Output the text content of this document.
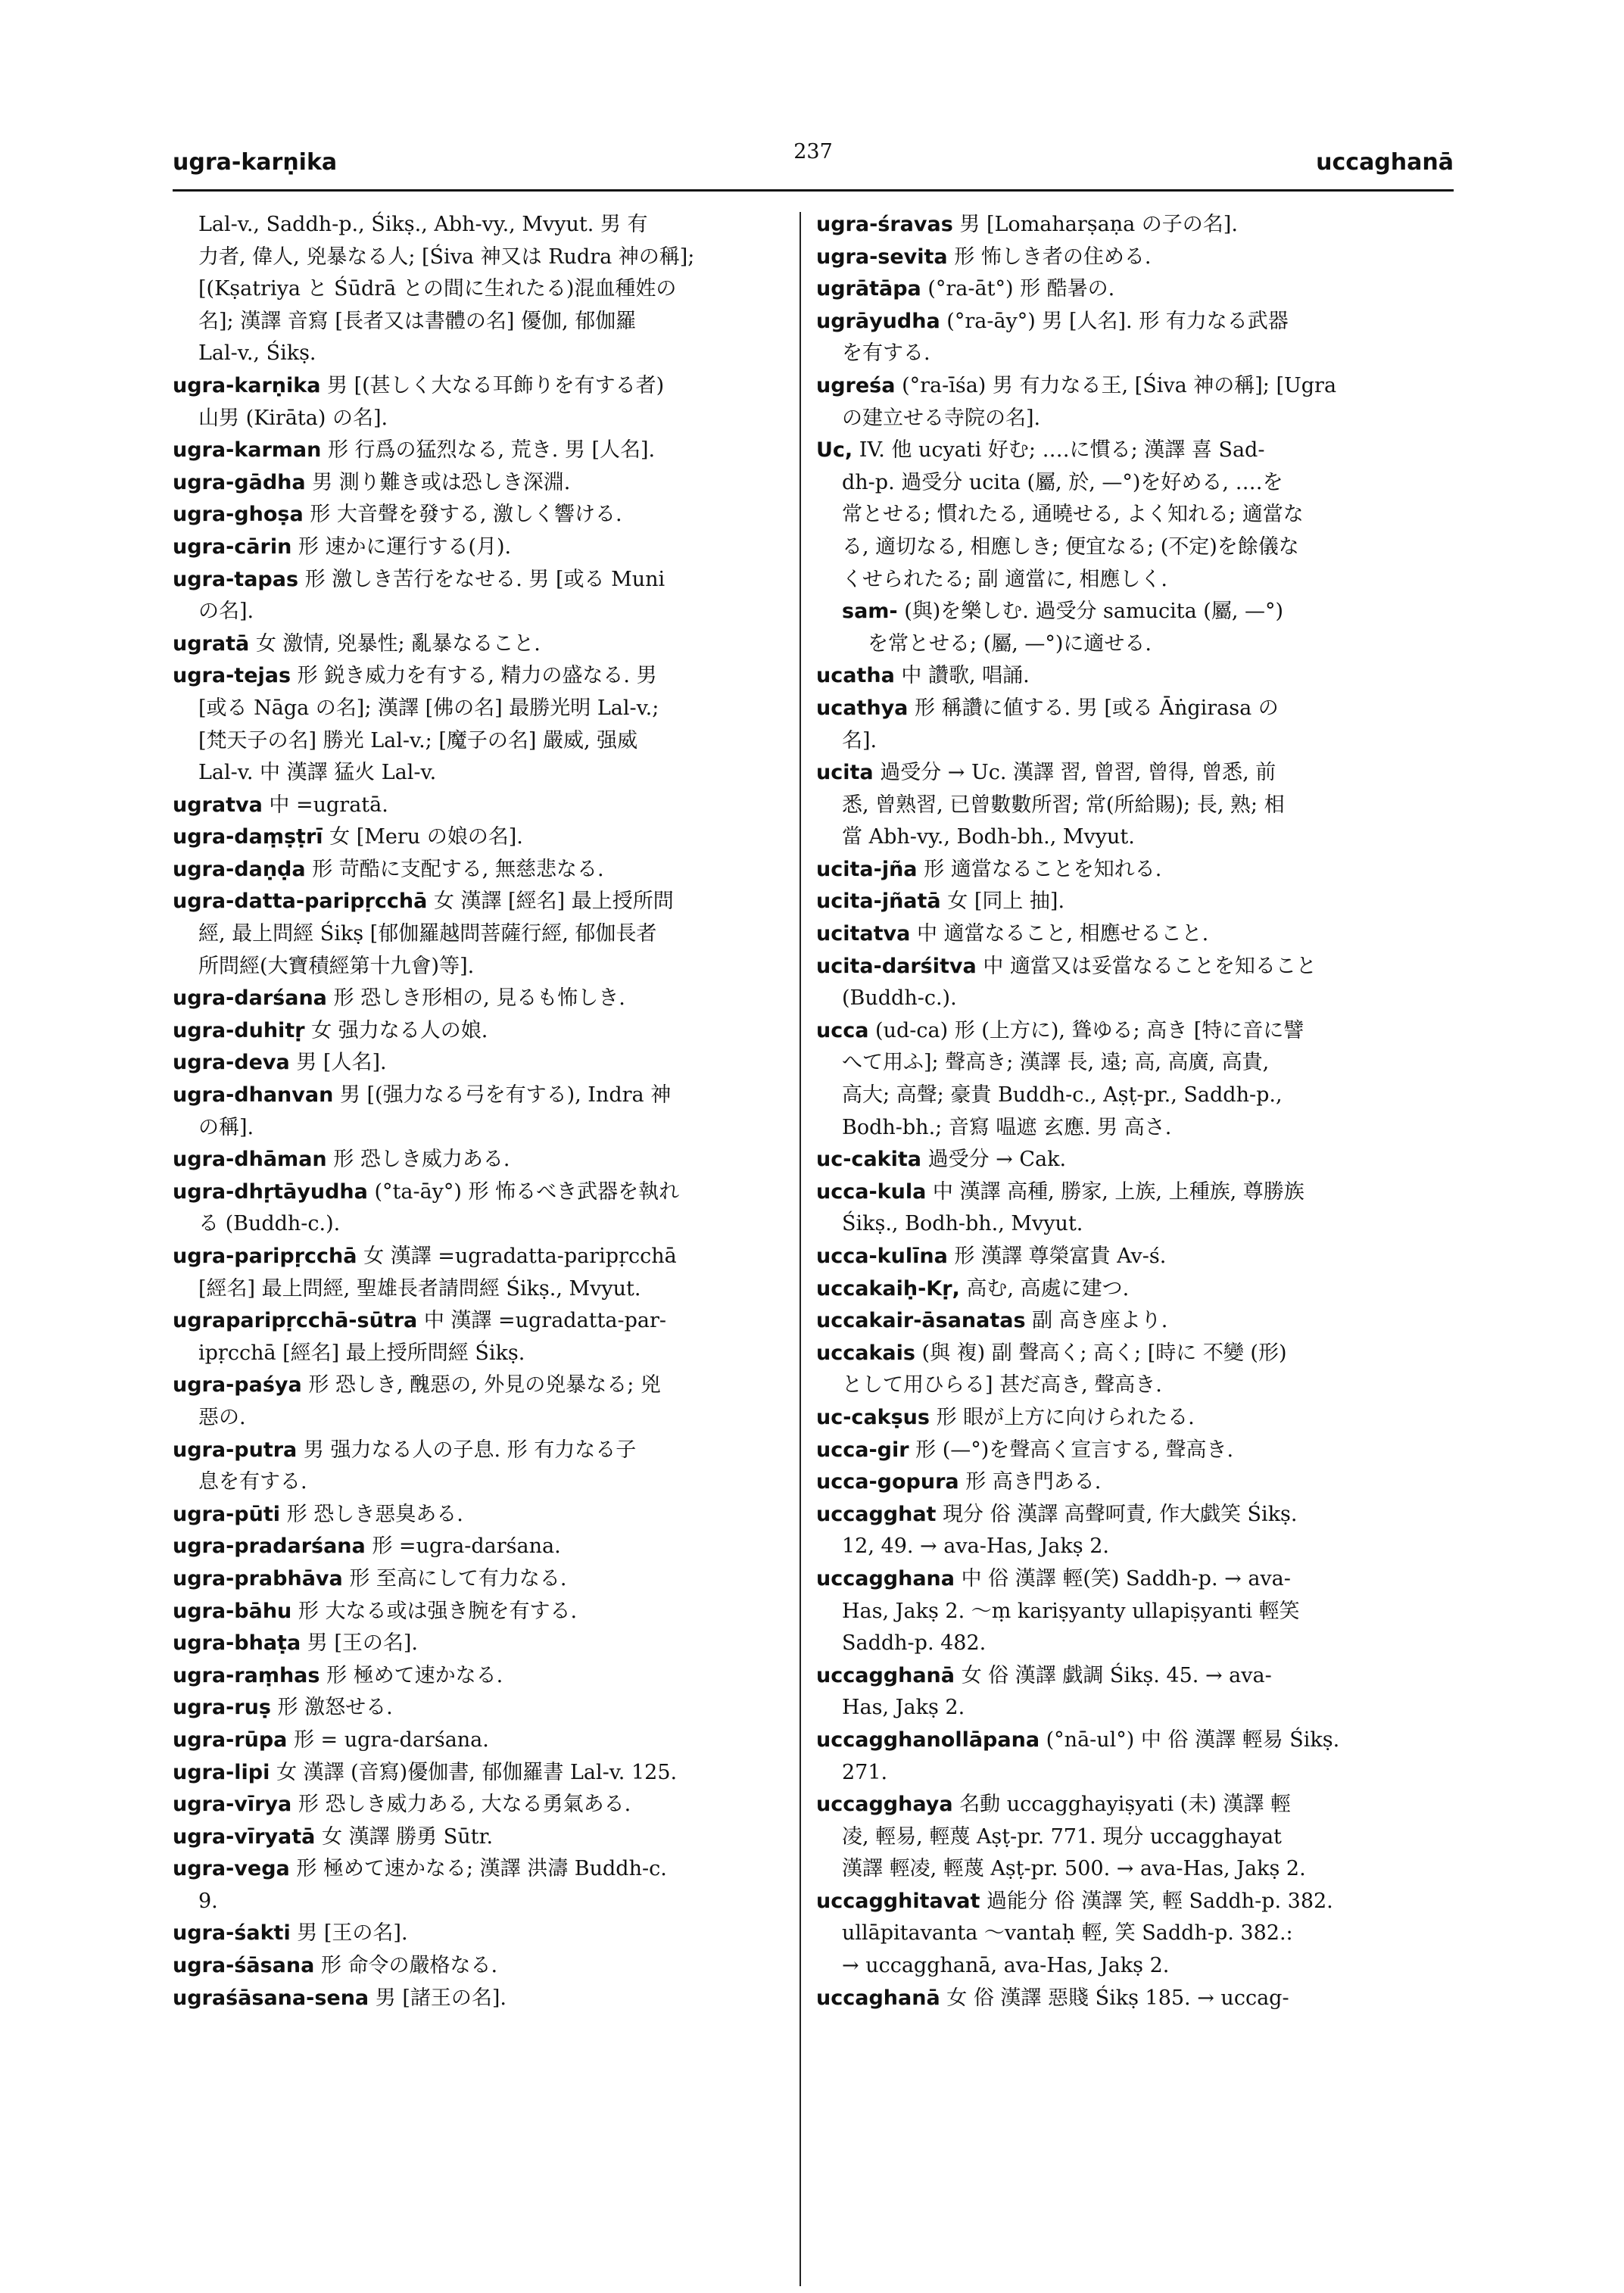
ugra-karṇika	237	uccaghanā
Lal-v., Saddh-p., Śikṣ., Abh-vy., Mvyut. 男 有
力者, 偉人, 兇暴なる人; [Śiva 神又は Rudra 神の稱];
[(Kṣatriya と Śūdrā との間に生れたる)混血種姓の
名]; 漢譯 音寫 [長者又は書體の名] 優伽, 郁伽羅
Lal-v., Śikṣ.
ugra-karṇika 男 [(甚しく大なる耳飾りを有する者)
山男 (Kirāta) の名].
ugra-karman 形 行爲の猛烈なる, 荒き. 男 [人名].
ugra-gādha 男 測り難き或は恐しき深淵.
ugra-ghoṣa 形 大音聲を發する, 激しく響ける.
ugra-cārin 形 速かに運行する(月).
ugra-tapas 形 激しき苦行をなせる. 男 [或る Muni
の名].
ugratā 女 激情, 兇暴性; 亂暴なること.
ugra-tejas 形 鋭き威力を有する, 精力の盛なる. 男
[或る Nāga の名]; 漢譯 [佛の名] 最勝光明 Lal-v.;
[梵天子の名] 勝光 Lal-v.; [魔子の名] 嚴威, 强威
Lal-v. 中 漢譯 猛火 Lal-v.
ugratva 中 =ugratā.
ugra-daṃṣṭrī 女 [Meru の娘の名].
ugra-daṇḍa 形 苛酷に支配する, 無慈悲なる.
ugra-datta-paripṛcchā 女 漢譯 [經名] 最上授所問
經, 最上問經 Śikṣ [郁伽羅越問菩薩行經, 郁伽長者
所問經(大寶積經第十九會)等].
ugra-darśana 形 恐しき形相の, 見るも怖しき.
ugra-duhitṛ 女 强力なる人の娘.
ugra-deva 男 [人名].
ugra-dhanvan 男 [(强力なる弓を有する), Indra 神
の稱].
ugra-dhāman 形 恐しき威力ある.
ugra-dhṛtāyudha (°ta-āy°) 形 怖るべき武器を執れ
る (Buddh-c.).
ugra-paripṛcchā 女 漢譯 =ugradatta-paripṛcchā
[經名] 最上問經, 聖雄長者請問經 Śikṣ., Mvyut.
ugraparipṛcchā-sūtra 中 漢譯 =ugradatta-par-
ipṛcchā [經名] 最上授所問經 Śikṣ.
ugra-paśya 形 恐しき, 醜惡の, 外見の兇暴なる; 兇
惡の.
ugra-putra 男 强力なる人の子息. 形 有力なる子
息を有する.
ugra-pūti 形 恐しき惡臭ある.
ugra-pradarśana 形 =ugra-darśana.
ugra-prabhāva 形 至高にして有力なる.
ugra-bāhu 形 大なる或は强き腕を有する.
ugra-bhaṭa 男 [王の名].
ugra-raṃhas 形 極めて速かなる.
ugra-ruṣ 形 激怒せる.
ugra-rūpa 形 = ugra-darśana.
ugra-lipi 女 漢譯 (音寫)優伽書, 郁伽羅書 Lal-v. 125.
ugra-vīrya 形 恐しき威力ある, 大なる勇氣ある.
ugra-vīryatā 女 漢譯 勝勇 Sūtr.
ugra-vega 形 極めて速かなる; 漢譯 洪濤 Buddh-c.
9.
ugra-śakti 男 [王の名].
ugra-śāsana 形 命令の嚴格なる.
ugraśāsana-sena 男 [諸王の名].
ugra-śravas 男 [Lomaharṣaṇa の子の名].
ugra-sevita 形 怖しき者の住める.
ugrātāpa (°ra-āt°) 形 酷暑の.
ugrāyudha (°ra-āy°) 男 [人名]. 形 有力なる武器
を有する.
ugreśa (°ra-īśa) 男 有力なる王, [Śiva 神の稱]; [Ugra
の建立せる寺院の名].
Uc, IV. 他 ucyati 好む; ‥‥に慣る; 漢譯 喜 Sad-
dh-p. 過受分 ucita (屬, 於, —°)を好める, ‥‥を
常とせる; 慣れたる, 通曉せる, よく知れる; 適當な
る, 適切なる, 相應しき; 便宜なる; (不定)を餘儀な
くせられたる; 副 適當に, 相應しく.
sam- (與)を樂しむ. 過受分 samucita (屬, —°)
を常とせる; (屬, —°)に適せる.
ucatha 中 讚歌, 唱誦.
ucathya 形 稱讚に値する. 男 [或る Āṅgirasa の
名].
ucita 過受分 → Uc. 漢譯 習, 曾習, 曾得, 曾悉, 前
悉, 曾熟習, 已曾數數所習; 常(所給賜); 長, 熟; 相
當 Abh-vy., Bodh-bh., Mvyut.
ucita-jña 形 適當なることを知れる.
ucita-jñatā 女 [同上 抽].
ucitatva 中 適當なること, 相應せること.
ucita-darśitva 中 適當又は妥當なることを知ること
(Buddh-c.).
ucca (ud-ca) 形 (上方に), 聳ゆる; 高き [特に音に譬
へて用ふ]; 聲高き; 漢譯 長, 遠; 高, 高廣, 高貴,
高大; 高聲; 豪貴 Buddh-c., Aṣṭ-pr., Saddh-p.,
Bodh-bh.; 音寫 嗢遮 玄應. 男 高さ.
uc-cakita 過受分 → Cak.
ucca-kula 中 漢譯 高種, 勝家, 上族, 上種族, 尊勝族
Śikṣ., Bodh-bh., Mvyut.
ucca-kulīna 形 漢譯 尊榮富貴 Av-ś.
uccakaiḥ-Kṛ, 高む, 高處に建つ.
uccakair-āsanatas 副 高き座より.
uccakais (與 複) 副 聲高く; 高く; [時に 不變 (形)
として用ひらる] 甚だ高き, 聲高き.
uc-cakṣus 形 眼が上方に向けられたる.
ucca-gir 形 (—°)を聲高く宣言する, 聲高き.
ucca-gopura 形 高き門ある.
uccagghat 現分 俗 漢譯 高聲呵責, 作大戯笑 Śikṣ.
12, 49. → ava-Has, Jakṣ 2.
uccagghana 中 俗 漢譯 輕(笑) Saddh-p. → ava-
Has, Jakṣ 2. 〜ṃ kariṣyanty ullapiṣyanti 輕笑
Saddh-p. 482.
uccagghanā 女 俗 漢譯 戯調 Śikṣ. 45. → ava-
Has, Jakṣ 2.
uccagghanollāpana (°nā-ul°) 中 俗 漢譯 輕易 Śikṣ.
271.
uccagghaya 名動 uccagghayiṣyati (未) 漢譯 輕
凌, 輕易, 輕蔑 Aṣṭ-pr. 771. 現分 uccagghayat
漢譯 輕凌, 輕蔑 Aṣṭ-pr. 500. → ava-Has, Jakṣ 2.
uccagghitavat 過能分 俗 漢譯 笑, 輕 Saddh-p. 382.
ullāpitavanta 〜vantaḥ 輕, 笑 Saddh-p. 382.:
→ uccagghanā, ava-Has, Jakṣ 2.
uccaghanā 女 俗 漢譯 惡賤 Śikṣ 185. → uccag-
